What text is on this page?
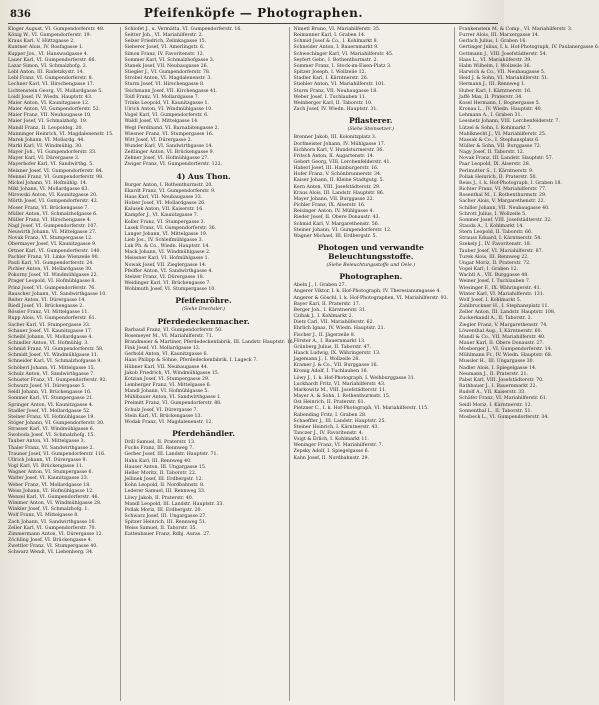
836	Pfeifenköpfe — Photographen.
Kloger August, VI. Gumpendorferstr. 48.
König W., VI. Gumpendorferstr. 19.
Kraus Karl, V. Hüttzgasse 2.
Kuntner Alois, IV. Rosfagasse 1.
Kupper Jos., VI. Hanswadgasse 4.
Lauer Karl, VI. Gumpendorferstr. 66.
Lazar Simon, VI. Schmalzhofg. 2.
Lebl Anton, III. Radetzkystr. 14.
Lebl Franz, VI. Gumpendorferstr. 8.
Lechner Karl, VI. Hirschengasse 17.
Lichtenstein Georg, VI. Mollardgasse 5.
Loidl Josef, IV. Wiedn. Hauptstr. 43.
Maier Anton, VI. Kaunitzgasse 12.
Maier Anton, VI. Gumpendorferstr. 52.
Maier Franz, VII. Neubaugasse 10.
Maier Josef, VI. Schmalzhofg. 19.
Mandl Franz, II. Leopoldsg. 20.
Manninger Heinrich, VI. Magdalenenstr. 15.
Marek Johann, VI. Mollardg. 44.
Markl Karl, VI. Windmühlg. 30.
Mayer Joh., VI. Gumpendorferstr. 33.
Mayer Karl, VI. Dürergasse 3.
Mayerhofer Karl, VI. Sandwirthg. 5.
Meixner Josef, VI. Gumpendorferstr. 84.
Mennel Franz, VI. Gumpendorferstr. 98.
Mickel Johann, VI. Hofmühlg. 14.
Mikl Johann, VI. Mollardgasse 63.
Mirowski Anton, VI. Kaunitzgasse 20.
Mörth Josef, VI. Gumpendorferstr. 42.
Moser Franz, VI. Brückengasse 7.
Müller Anton, VI. Schmalzhofgasse 6.
Müller Franz, VI. Hirschengasse 4.
Nagl Josef, VI. Gumpendorferstr. 107.
Neuwirth Johann, VI. Mittelgasse 27.
Novak Franz, VI. Stumpergasse 12.
Obermayer Josef, VI. Kaunitzgasse 9.
Ortner Karl, VI. Gumpendorferstr. 140.
Pachler Franz, VI. Linke Wienzeile 90.
Pauli Karl, VI. Gumpendorferstr. 24.
Pichler Anton, VI. Mollardgasse 30.
Pokorny Josef, VI. Windmühlgasse 22.
Prager Leopold, VI. Hofmühlgasse 8.
Prinz Josef, VI. Gumpendorferstr. 76.
Rauscher Johann, VI. Sandwirthgasse 10.
Reiter Anton, VI. Dürergasse 14.
Riedl Josef, VI. Brückengasse 2.
Rössler Franz, VI. Mittelgasse 11.
Rupp Alois, VI. Gumpendorferstr. 61.
Sacher Karl, VI. Stumpergasse 33.
Schauer Josef, VI. Kaunitzgasse 17.
Scheibl Johann, VI. Mollardgasse 4.
Schindler Anton, VI. Hofmühlg. 3.
Schmid Franz, VI. Gumpendorferstr. 58.
Schmidt Josef, VI. Windmühlgasse 11.
Schneider Karl, VI. Schmalzhofgasse 9.
Schöberl Johann, VI. Mittelgasse 15.
Schulz Anton, VI. Sandwirthgasse 7.
Schuster Franz, VI. Gumpendorferstr. 92.
Schwarz Josef, VI. Dürergasse 5.
Seidl Johann, VI. Brückengasse 16.
Sommer Karl, VI. Stumpergasse 21.
Springer Anton, VI. Kaunitzgasse 4.
Stadler Josef, VI. Mollardgasse 52.
Steiner Franz, VI. Hofmühlgasse 19.
Stöger Johann, VI. Gumpendorferstr. 30.
Strasser Karl, VI. Windmühlgasse 6.
Swoboda Josef, VI. Schmalzhofg. 15.
Tauber Anton, VI. Mittelgasse 3.
Thaler Franz, VI. Sandwirthgasse 2.
Trauner Josef, VI. Gumpendorferstr. 116.
Ullrich Johann, VI. Dürergasse 9.
Vogl Karl, VI. Brückengasse 11.
Wagner Anton, VI. Stumpergasse 6.
Walter Josef, VI. Kaunitzgasse 23.
Weber Franz, VI. Mollardgasse 18.
Weiss Johann, VI. Hofmühlgasse 12.
Wenzel Karl, VI. Gumpendorferstr. 46.
Wimmer Anton, VI. Windmühlgasse 28.
Winkler Josef, VI. Schmalzhofg. 1.
Wolf Franz, VI. Mittelgasse 8.
Zach Johann, VI. Sandwirthgasse 16.
Zeller Karl, VI. Gumpendorferstr. 70.
Zimmermann Anton, VI. Dürergasse 12.
Zöchling Josef, VI. Brückengasse 4.
Zwettler Franz, VI. Stumpergasse 40.
Schwarz Wendl, VI. Liebenberg. 34.
Schlofet J., u. Vermätta, VI. Gumpendorferstr. 16.
Seitter Joh., VI. Mariahilferstr. 2.
Selzer Friedrich, Zelinkagasse 15.
Sieberer Josef, VI. Amerlingstr. 6.
Simon Franz, IV. Favoritenstr. 12.
Sommer Karl, VI. Schmalzhofgasse 3.
Stanek Josef, VII. Neubaugasse 26.
Stiegler J., VI. Gumpendorferstr. 78.
Strobel Anton, VI. Magdalenenstr. 3.
Sturm Josef, VI. Hirschengasse 8.
Teichmann Josef, VII. Kirchengasse 41.
Toifl Franz, VI. Mollardgasse 7.
Trinks Leopold, VI. Kaunitzgasse 1.
Ulrich Anton, VI. Windmühlgasse 10.
Vogel Karl, VI. Gumpendorferstr. 6.
Waldl Josef, VI. Mittelgasse 14.
Wegl Ferdinand, VI. Barnabitengasse 2.
Wiesner Franz, VI. Stumpergasse 16.
Witt Josef, VI. Dürergasse 2.
Wunder Karl, VI. Sandwirthgasse 14.
Zeitlinger Anton, VI. Brückengasse 9.
Zehner Josef, VI. Hofmühlgasse 27.
Zwiger Franz, VI. Gumpendorferstr. 122.
4) Aus Thon.
Burger Anton, I. Rothenthurmstr. 20.
Ekardt Franz, VI. Gumpendorferstr. 9.
Haas Karl, VII. Neubaugasse 33.
Holzer Josef, VI. Mollardgasse 26.
Kalusek Anton, VII. Kaiserstr. 16.
Kampfer J., VI. Kaunitzgasse 7.
Koller Franz, VI. Stumpergasse 3.
Lasek Franz, VI. Gumpendorferstr. 36.
Langer Johann, VI. Mittelgasse 19.
Lieb Jos., IV. Schleifmühlgasse 3.
Luk Ph. & Co., Wiedn. Hauptstr. 14.
Mack Johann, VI. Windmühlgasse 2.
Meissner Karl, VI. Hofmühlgasse 1.
Nowak Josef, VII. Zieglergasse 14.
Pfeiffer Anton, VI. Sandwirthgasse 4.
Stelzer Franz, VI. Dürergasse 18.
Weidinger Karl, VI. Brückengasse 7.
Wohlmuth Josef, VI. Stumpergasse 10.
Pfeifenröhre.
(Siehe Drechsler.)
Pferdedeckenmacher.
Barbaud Franz, VI. Gumpendorferstr. 50.
Bosemeyer M., VI. Mariahilferstr. 71.
Brandmeier & Martiner, Pferdedeckenfabrik, III. Landstr. Hauptstr. 16.
Fink Josef, VI. Mollardgasse 13.
Gerhold Anton, VI. Kaunitzgasse 6.
Haas Philipp & Söhne, Pferdedeckenfabrik, I. Lugeck 7.
Hübner Karl, VII. Neubaugasse 44.
Jakob Friedrich, VI. Windmühlgasse 15.
Kotzian Josef, VI. Stumpergasse 29.
Lemberger Franz, VI. Mittelgasse 6.
Mandl Johann, VI. Hofmühlgasse 5.
Mühlbauer Anton, VI. Sandwirthgasse 1.
Preimitt Franz, VI. Gumpendorferstr. 88.
Schulz Josef, VI. Dürergasse 7.
Stein Karl, VI. Brückengasse 13.
Wodak Franz, VI. Magdalenenstr. 12.
Pferdehändler.
Drill Samuel, II. Praterstr. 13.
Fuchs Franz, III. Rennweg 7.
Gerber Josef, III. Landstr. Hauptstr. 71.
Hahn Karl, III. Rennweg 40.
Hauser Anton, III. Ungargasse 15.
Heller Moritz, II. Taborstr. 22.
Jellinek Josef, III. Erdbergstr. 12.
Kohn Leopold, II. Nordbahnstr. 8.
Lederer Samuel, III. Rennweg 33.
Löwy Jakob, II. Praterstr. 40.
Mandl Leopold, III. Landstr. Hauptstr. 33.
Pollak Moriz, III. Erdbergstr. 20.
Schwarz Josef, III. Ungargasse 27.
Spitzer Heinrich, III. Rennweg 51.
Weiss Samuel, II. Taborstr. 35.
Eattenbauer Franz, Rdbj. Auras. 27.
Nimetl Bruno, VI. Mariahilferstr. 35.
Reimanner Karl, I. Graben 14.
Schmid Josef & Co., I. Kohlmarkt 8.
Schneider Anton, I. Bauernmarkt 9.
Schwechinger Karl, VI. Mariahilferstr. 45.
Seyfert Gebr., I. Rothenthurmstr. 2.
Sommer Franz, I. Stock-im-Eisen-Platz 3.
Spitzer Joseph, I. Wollzeile 12.
Stadler Karl, I. Kärntnerstr. 26.
Stiebler Anton, VI. Mariahilferstr. 101.
Sturm Franz, VII. Neubaugasse 18.
Weber Josef, I. Tuchlauben 11.
Weinberger Karl, II. Taborstr. 10.
Zach Josef, IV. Wiedn. Hauptstr. 31.
Pflasterer.
(Siehe Steinsetzer.)
Brenner Jakob, III. Kolonitzplatz 3.
Dorfmeister Johann, IV. Mühlgasse 17.
Eichhorn Karl, V. Hundsturmerstr. 36.
Fritsch Anton, II. Augartenstr. 14.
Gebert Georg, VIII. Lerchenfelderstr. 41.
Haberl Josef, III. Hainburgerstr. 16.
Hofer Franz, V. Schönbrunnerstr. 34.
Kaiser Johann, II. Kleine Stadtgutg. 5.
Kern Anton, VIII. Josefstädterstr. 29.
Kraus Alois, III. Landstr. Hauptstr. 86.
Mayer Johann, VII. Burggasse 22.
Pichler Franz, IX. Alserstr. 16.
Reisinger Anton, IV. Mühlgasse 4.
Rieder Josef, II. Obere Donaustr. 43.
Schmid Karl, V. Margarethenstr. 56.
Steiner Johann, VI. Gumpendorferstr. 12.
Wagner Michael, III. Erdbergstr. 5.
Photogen und verwandte Beleuchtungsstoffe.
(Siehe Beleuchtungsstoffe und Oele.)
Photographen.
Abeln J., I. Graben 27.
Angerer Viktor, I. k. Hof-Photograph, IV. Theresianumgasse 4.
Angerer & Göschl, I. k. Hof-Photographen, VI. Mariahilferstr. 93.
Bayer Karl, II. Praterstr. 17.
Berger Joh., I. Kärntnerstr. 31.
Czihak J., I. Kohlmarkt 2.
Dietz Carl, VII. Mariahilferstr. 62.
Ehrlich Ignaz, IV. Wiedn. Hauptstr. 21.
Fischer J., II. Jägerzeile 8.
Förster A., I. Bauernmarkt 13.
Grünberg Julius, II. Taborstr. 47.
Haack Ludwig, IX. Währingerstr. 13.
Jagemann J., I. Wollzeile 28.
Kramer J. & Co., VII. Burggasse 16.
Kronig Adolf, I. Tuchlauben 16.
Löwy J., I. k. Hof-Photograph, I. Weihburggasse 31.
Luckhardt Fritz, VI. Mariahilferstr. 43.
Markowitz M., VIII. Josefstädterstr. 11.
Mayer A. & Sohn, I. Rothenthurmstr. 15.
Ost Heinrich, II. Praterstr. 61.
Pietzner C., I. k. Hof-Photograph, VI. Mariahilferstr. 115.
Rabending Fritz, I. Graben 28.
Schaeffler J., III. Landstr. Hauptstr. 25.
Steiner Heinrich, I. Kärntnerstr. 43.
Tanczer J., IV. Favoritenstr. 4.
Voigt & Erlich, I. Kohlmarkt 11.
Weninger Franz, VI. Mariahilferstr. 7.
Zepsky Adolf, I. Spiegelgasse 6.
Kahn Josef, II. Nordbahnstr. 29.
Frankenstein M. & Comp., VI. Mariahilferstr. 3.
Furrer Alois, III. Marxergasse 14.
Gerlach Julius, I. Graben 16.
Gertinger Julius, I. k. Hof-Photograph, IV. Paulanergasse 6.
Gottmann J., VIII. Josefstädterstr. 54.
Haas L., VI. Mariahilferstr. 39.
Halm Wilhelm, I. Wollzeile 36.
Harwich & Co., VII. Neubaugasse 5.
Heid J. & Sohn, VI. Mariahilferstr. 51.
Hermann J., III. Rennweg 1.
Huber Karl, I. Kärntnerstr. 16.
Jaffé Max, II. Praterstr. 34.
Kosel Hermann, I. Bognergasse 5.
Kronau L., IV. Wiedn. Hauptstr. 40.
Lehmann A., I. Graben 31.
Lessnetz Johann, VIII. Lerchenfelderstr. 7.
Lützel & Sohn, I. Kohlmarkt 7.
Mahlknecht J., VI. Mariahilferstr. 25.
Massak & Co., I. Stephansplatz 6.
Müller & Sohn, VII. Burggasse 72.
Nagy Josef, II. Taborstr. 12.
Novak Franz, III. Landstr. Hauptstr. 57.
Paar Leopold, IX. Alserstr. 28.
Perlmutter S., I. Kärntnerstr. 9.
Pollak Heinrich, II. Praterstr. 50.
Reiss J., I. k. Hof-Photograph, I. Graben 18.
Richter Franz, VI. Mariahilferstr. 77.
Rosenthal M., I. Rothenthurmstr. 29.
Sacher Alois, V. Margarethenstr. 22.
Schiller Johann, VII. Neubaugasse 40.
Schrott Julius, I. Wollzeile 5.
Sommer Josef, VIII. Josefstädterstr. 32.
Stauda A., I. Kohlmarkt 14.
Stern Leopold, II. Taborstr. 66.
Strauss Eduard, I. Kärntnerstr. 54.
Szekely J., IV. Favoritenstr. 18.
Tauber Josef, VI. Mariahilferstr. 87.
Turek Alois, III. Rennweg 22.
Ungar Moriz, II. Praterstr. 72.
Vogel Karl, I. Graben 12.
Wachtl A., VII. Burggasse 48.
Weiner Josef, I. Tuchlauben 7.
Wiesinger F., IX. Währingerstr. 41.
Winter Karl, VI. Mariahilferstr. 131.
Wolf Josef, I. Kohlmarkt 5.
Zahlbruckner H., I. Stephansplatz 11.
Zeller Anton, III. Landstr. Hauptstr. 108.
Zuckerkandl A., II. Taborstr. 2.
Ziegler Franz, V. Margarethenstr. 74.
Löwenthal Aug., I. Kärntnerstr. 60.
Mandl & Co., VII. Mariahilferstr. 40.
Mauer Karl, II. Obere Donaustr. 27.
Mosberger J., VI. Gumpendorferstr. 14.
Mühlmann Fr., IV. Wiedn. Hauptstr. 68.
Mussler H., III. Ungargasse 30.
Nadler Alois, I. Spiegelgasse 14.
Neumann J., II. Praterstr. 21.
Pabst Karl, VIII. Josefstädterstr. 70.
Rathbauer J., I. Bauernmarkt 22.
Rudolf A., VII. Kaiserstr. 33.
Schäfer Franz, VI. Mariahilferstr. 61.
Seidl Moriz, I. Kärntnerstr. 12.
Sonnenthal L., II. Taborstr. 51.
Mosbeck L., VI. Gumpendorferstr. 34.
